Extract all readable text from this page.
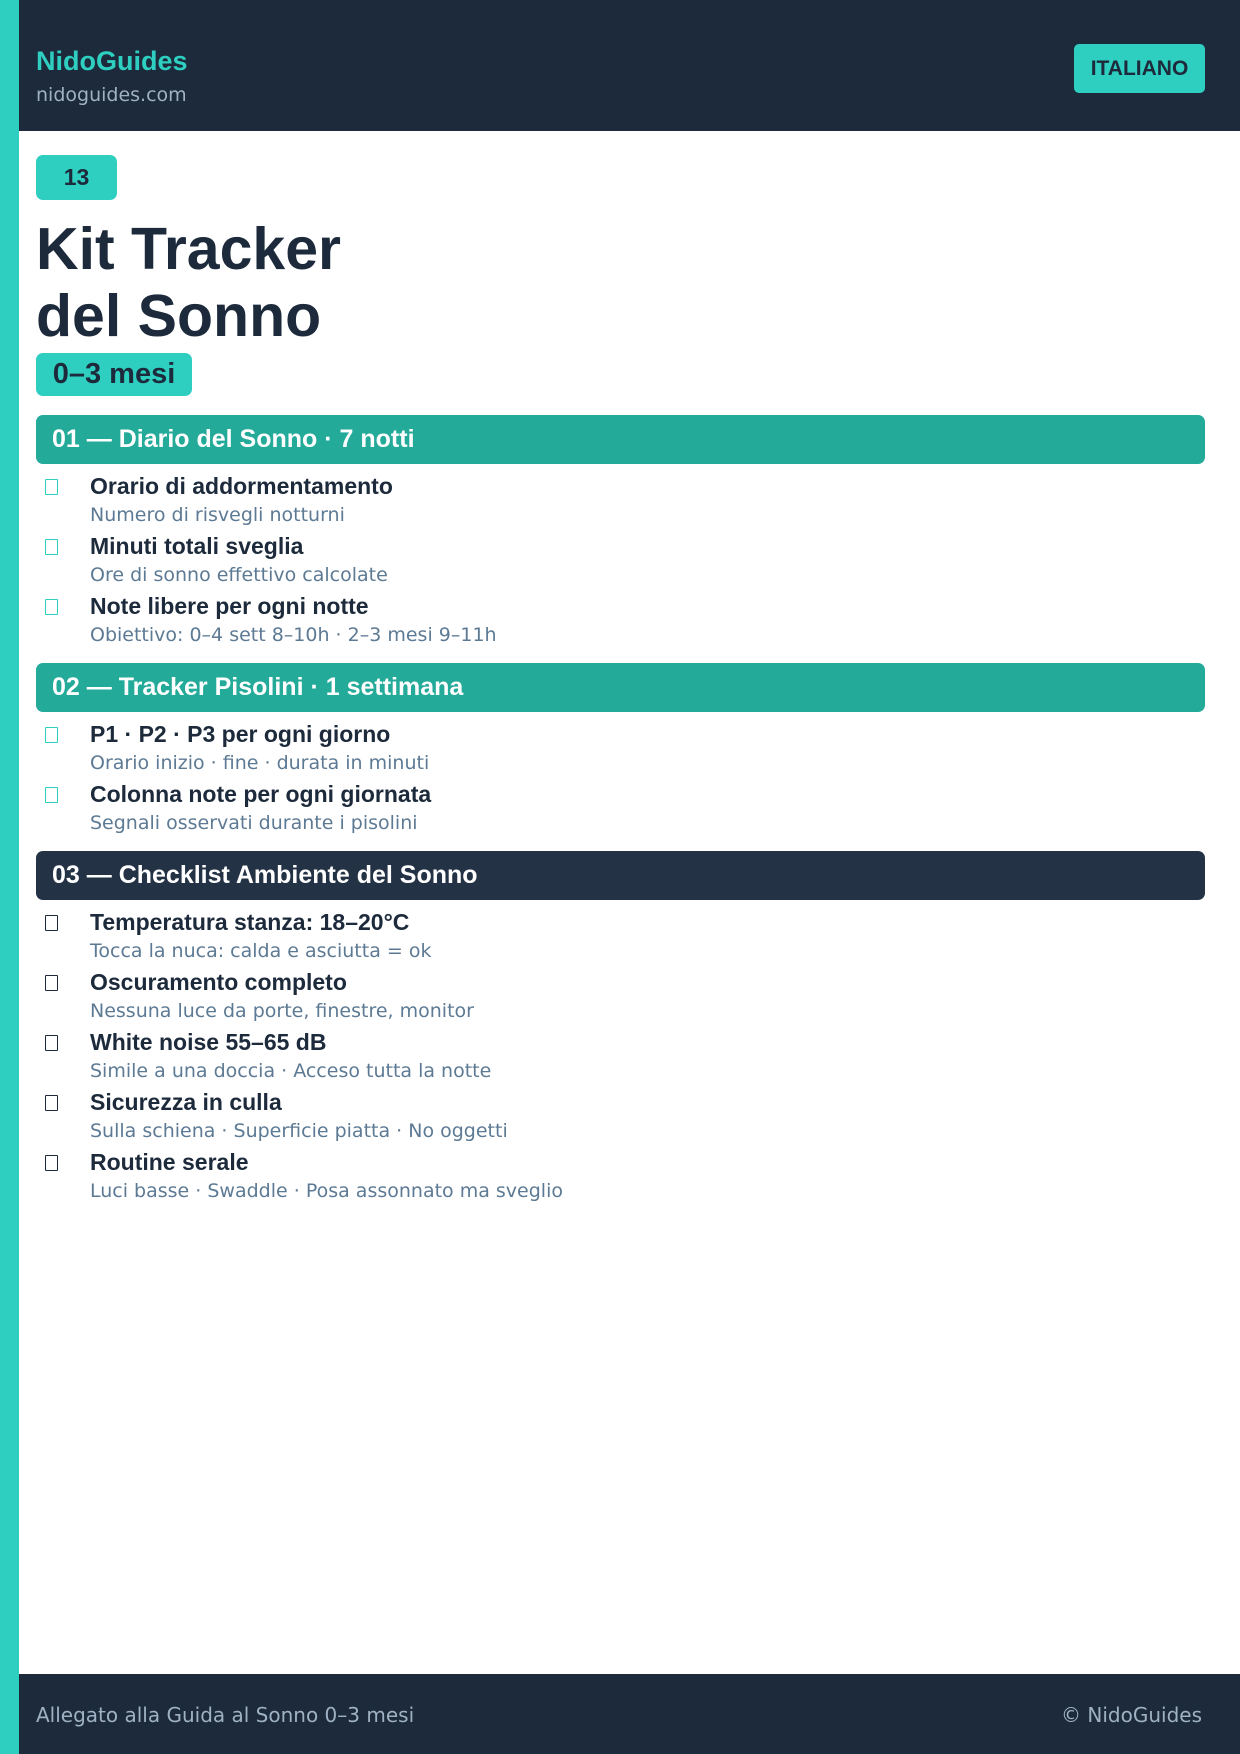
NidoGuides
nidoguides.com
ITALIANO
13
Kit Tracker
del Sonno
0–3 mesi
01 — Diario del Sonno · 7 notti
Orario di addormentamento
Numero di risvegli notturni
Minuti totali sveglia
Ore di sonno effettivo calcolate
Note libere per ogni notte
Obiettivo: 0–4 sett 8–10h · 2–3 mesi 9–11h
02 — Tracker Pisolini · 1 settimana
P1 · P2 · P3 per ogni giorno
Orario inizio · fine · durata in minuti
Colonna note per ogni giornata
Segnali osservati durante i pisolini
03 — Checklist Ambiente del Sonno
Temperatura stanza: 18–20°C
Tocca la nuca: calda e asciutta = ok
Oscuramento completo
Nessuna luce da porte, finestre, monitor
White noise 55–65 dB
Simile a una doccia · Acceso tutta la notte
Sicurezza in culla
Sulla schiena · Superficie piatta · No oggetti
Routine serale
Luci basse · Swaddle · Posa assonnato ma sveglio
Allegato alla Guida al Sonno 0–3 mesi	© NidoGuides
